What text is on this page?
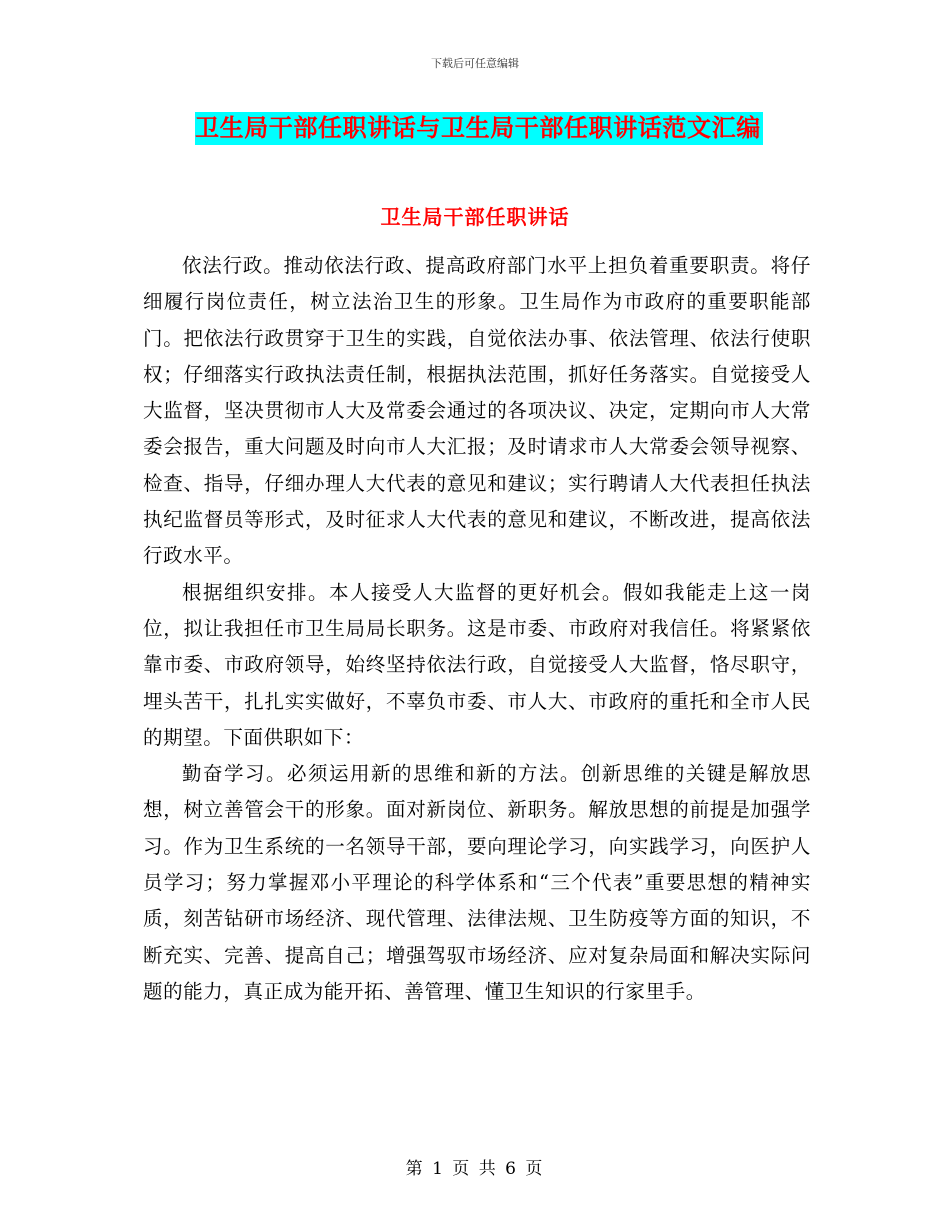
下载后可任意编辑
卫生局干部任职讲话与卫生局干部任职讲话范文汇编
卫生局干部任职讲话

依法行政。推动依法行政、提高政府部门水平上担负着重要职责。将仔细履行岗位责任，树立法治卫生的形象。卫生局作为市政府的重要职能部门。把依法行政贯穿于卫生的实践，自觉依法办事、依法管理、依法行使职权；仔细落实行政执法责任制，根据执法范围，抓好任务落实。自觉接受人大监督，坚决贯彻市人大及常委会通过的各项决议、决定，定期向市人大常委会报告，重大问题及时向市人大汇报；及时请求市人大常委会领导视察、检查、指导，仔细办理人大代表的意见和建议；实行聘请人大代表担任执法执纪监督员等形式，及时征求人大代表的意见和建议，不断改进，提高依法行政水平。

根据组织安排。本人接受人大监督的更好机会。假如我能走上这一岗位，拟让我担任市卫生局局长职务。这是市委、市政府对我信任。将紧紧依靠市委、市政府领导，始终坚持依法行政，自觉接受人大监督，恪尽职守，埋头苦干，扎扎实实做好，不辜负市委、市人大、市政府的重托和全市人民的期望。下面供职如下：

勤奋学习。必须运用新的思维和新的方法。创新思维的关键是解放思想，树立善管会干的形象。面对新岗位、新职务。解放思想的前提是加强学习。作为卫生系统的一名领导干部，要向理论学习，向实践学习，向医护人员学习；努力掌握邓小平理论的科学体系和“三个代表”重要思想的精神实质，刻苦钻研市场经济、现代管理、法律法规、卫生防疫等方面的知识，不断充实、完善、提高自己；增强驾驭市场经济、应对复杂局面和解决实际问题的能力，真正成为能开拓、善管理、懂卫生知识的行家里手。

第 1 页 共 6 页
